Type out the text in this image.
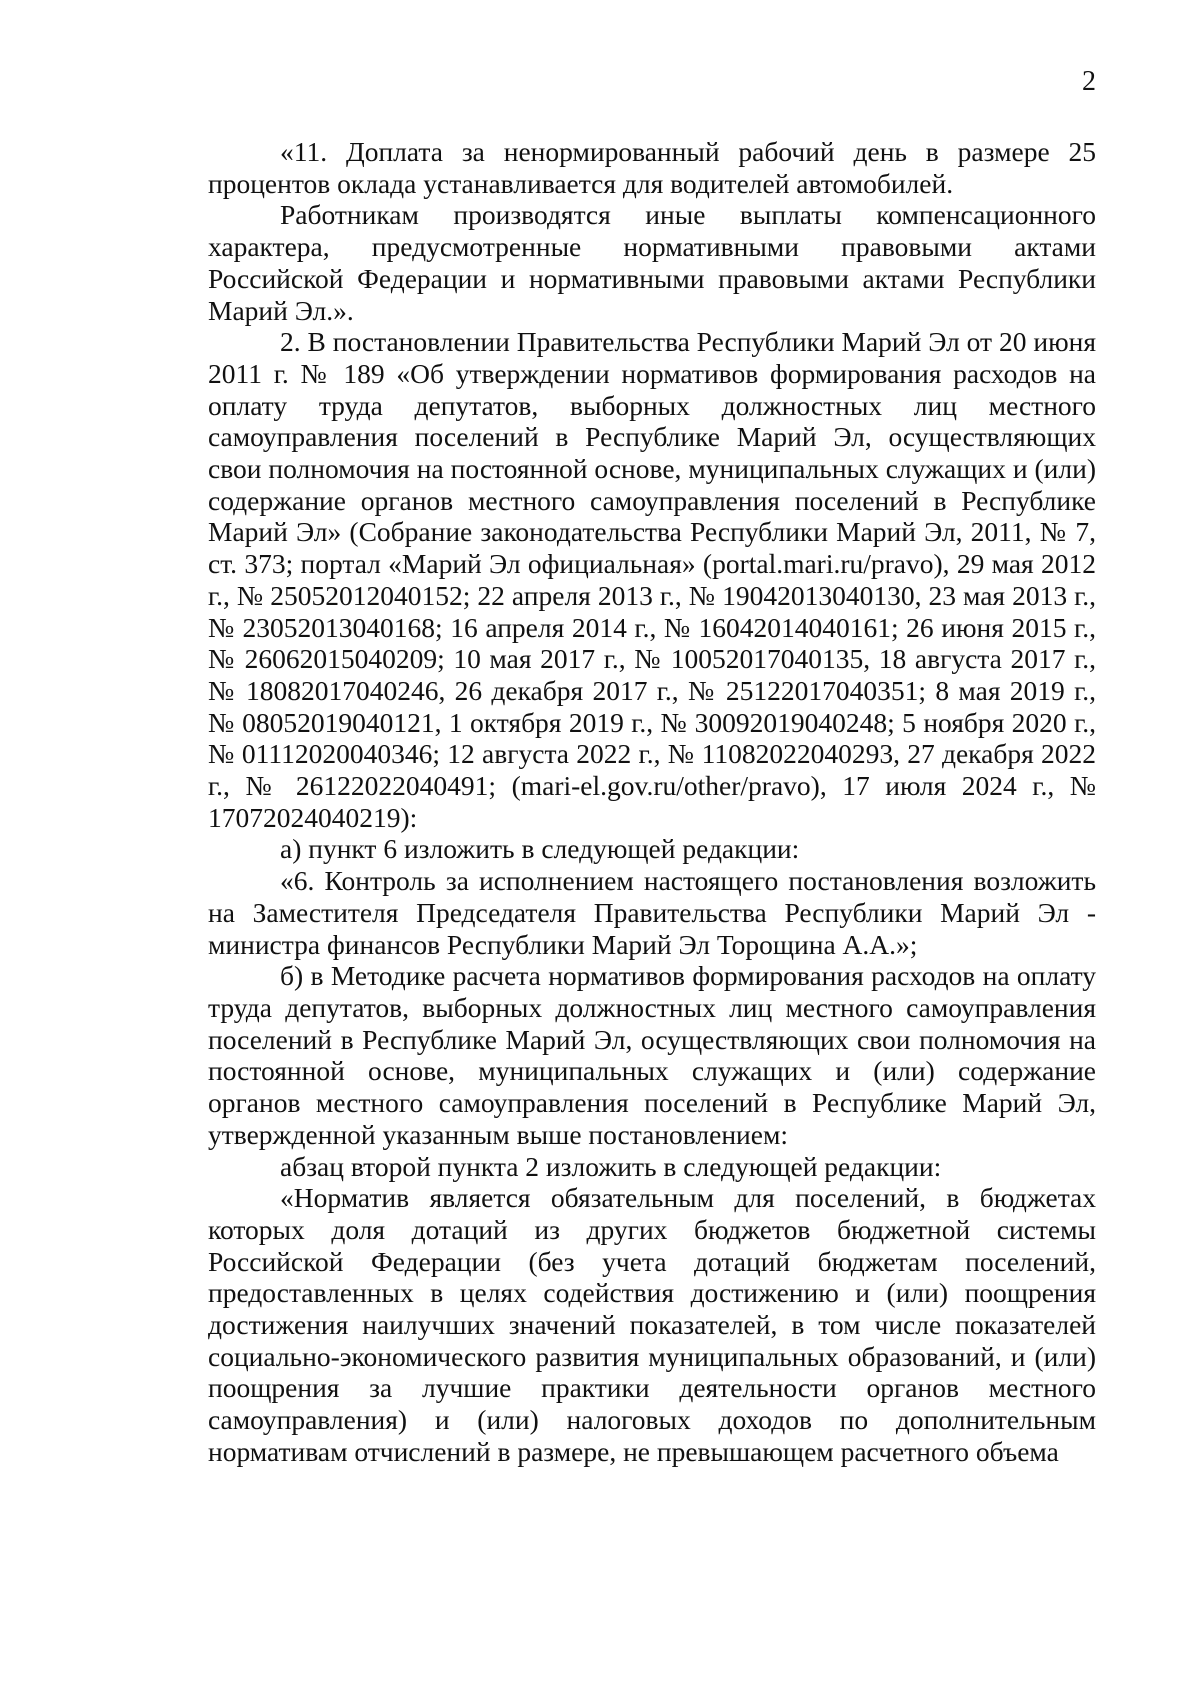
2

«11. Доплата за ненормированный рабочий день в размере 25 процентов оклада устанавливается для водителей автомобилей.

Работникам производятся иные выплаты компенсационного характера, предусмотренные нормативными правовыми актами Российской Федерации и нормативными правовыми актами Республики Марий Эл.».

2. В постановлении Правительства Республики Марий Эл от 20 июня 2011 г. № 189 «Об утверждении нормативов формирования расходов на оплату труда депутатов, выборных должностных лиц местного самоуправления поселений в Республике Марий Эл, осуществляющих свои полномочия на постоянной основе, муниципальных служащих и (или) содержание органов местного самоуправления поселений в Республике Марий Эл» (Собрание законодательства Республики Марий Эл, 2011, № 7, ст. 373; портал «Марий Эл официальная» (portal.mari.ru/pravo), 29 мая 2012 г., № 25052012040152; 22 апреля 2013 г., № 19042013040130, 23 мая 2013 г., № 23052013040168; 16 апреля 2014 г., № 16042014040161; 26 июня 2015 г., № 26062015040209; 10 мая 2017 г., № 10052017040135, 18 августа 2017 г., № 18082017040246, 26 декабря 2017 г., № 25122017040351; 8 мая 2019 г., № 08052019040121, 1 октября 2019 г., № 30092019040248; 5 ноября 2020 г., № 01112020040346; 12 августа 2022 г., № 11082022040293, 27 декабря 2022 г., № 26122022040491; (mari-el.gov.ru/other/pravo), 17 июля 2024 г., № 17072024040219):

а) пункт 6 изложить в следующей редакции:

«6. Контроль за исполнением настоящего постановления возложить на Заместителя Председателя Правительства Республики Марий Эл - министра финансов Республики Марий Эл Торощина А.А.»;

б) в Методике расчета нормативов формирования расходов на оплату труда депутатов, выборных должностных лиц местного самоуправления поселений в Республике Марий Эл, осуществляющих свои полномочия на постоянной основе, муниципальных служащих и (или) содержание органов местного самоуправления поселений в Республике Марий Эл, утвержденной указанным выше постановлением:

абзац второй пункта 2 изложить в следующей редакции:

«Норматив является обязательным для поселений, в бюджетах которых доля дотаций из других бюджетов бюджетной системы Российской Федерации (без учета дотаций бюджетам поселений, предоставленных в целях содействия достижению и (или) поощрения достижения наилучших значений показателей, в том числе показателей социально-экономического развития муниципальных образований, и (или) поощрения за лучшие практики деятельности органов местного самоуправления) и (или) налоговых доходов по дополнительным нормативам отчислений в размере, не превышающем расчетного объема
